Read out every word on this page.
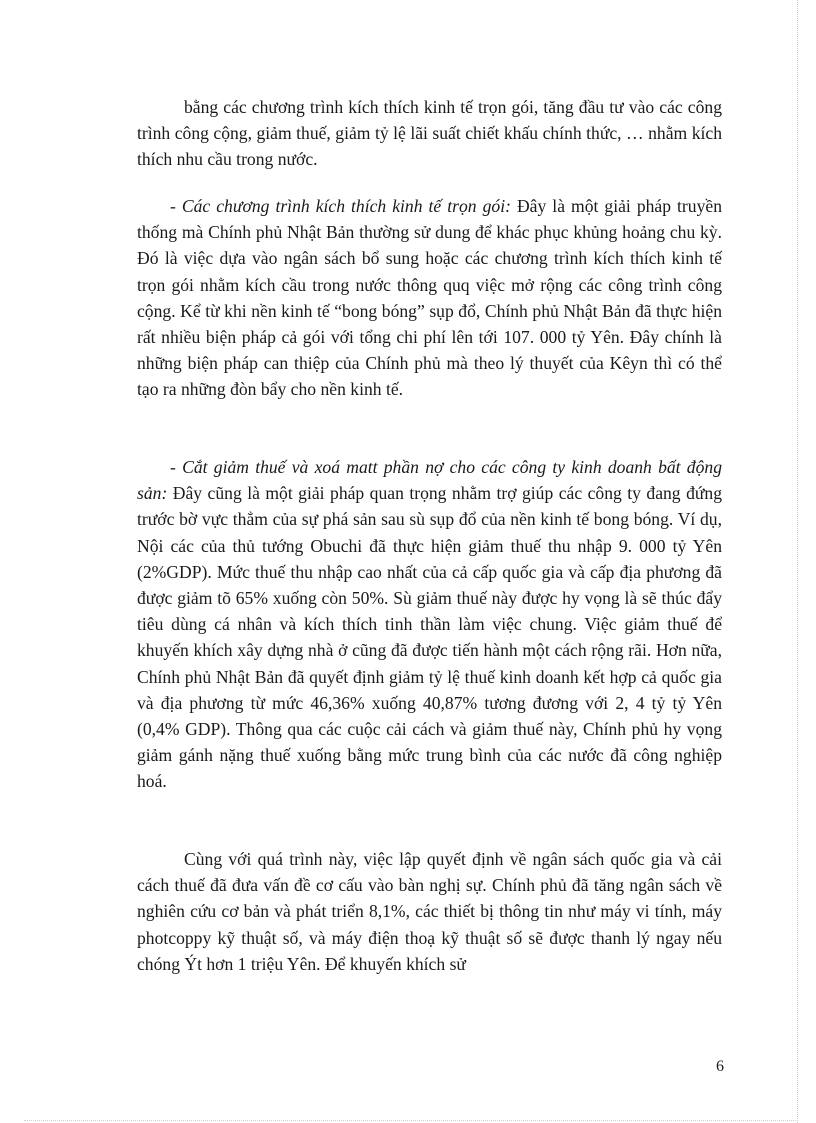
bằng các chương trình kích thích kinh tế trọn gói, tăng đầu tư vào các công trình công cộng, giảm thuế, giảm tỷ lệ lãi suất chiết khấu chính thức, … nhằm kích thích nhu cầu trong nước.

- Các chương trình kích thích kinh tế trọn gói: Đây là một giải pháp truyền thống mà Chính phủ Nhật Bản thường sử dung để khác phục khủng hoảng chu kỳ. Đó là việc dựa vào ngân sách bổ sung hoặc các chương trình kích thích kinh tế trọn gói nhằm kích cầu trong nước thông quq việc mở rộng các công trình công cộng. Kể từ khi nền kinh tế “bong bóng” sụp đổ, Chính phủ Nhật Bản đã thực hiện rất nhiều biện pháp cả gói với tổng chi phí lên tới 107. 000 tỷ Yên. Đây chính là những biện pháp can thiệp của Chính phủ mà theo lý thuyết của Kêyn thì có thể tạo ra những đòn bẩy cho nền kinh tế.

- Cắt giảm thuế và xoá matt phần nợ cho các công ty kinh doanh bất động sản: Đây cũng là một giải pháp quan trọng nhằm trợ giúp các công ty đang đứng trước bờ vực thẳm của sự phá sản sau sù sụp đổ của nền kinh tế bong bóng. Ví dụ, Nội các của thủ tướng Obuchi đã thực hiện giảm thuế thu nhập 9. 000 tỷ Yên (2%GDP). Mức thuế thu nhập cao nhất của cả cấp quốc gia và cấp địa phương đã được giảm tõ 65% xuống còn 50%. Sù giảm thuế này được hy vọng là sẽ thúc đẩy tiêu dùng cá nhân và kích thích tinh thần làm việc chung. Việc giảm thuế để khuyến khích xây dựng nhà ở cũng đã được tiến hành một cách rộng rãi. Hơn nữa, Chính phủ Nhật Bản đã quyết định giảm tỷ lệ thuế kinh doanh kết hợp cả quốc gia và địa phương từ mức 46,36% xuống 40,87% tương đương với 2, 4 tỷ tỷ Yên (0,4% GDP). Thông qua các cuộc cải cách và giảm thuế này, Chính phủ hy vọng giảm gánh nặng thuế xuống bằng mức trung bình của các nước đã công nghiệp hoá.

Cùng với quá trình này, việc lập quyết định về ngân sách quốc gia và cải cách thuế đã đưa vấn đề cơ cấu vào bàn nghị sự. Chính phủ đã tăng ngân sách về nghiên cứu cơ bản và phát triển 8,1%, các thiết bị thông tin như máy vi tính, máy photcoppy kỹ thuật số, và máy điện thoạ kỹ thuật số sẽ được thanh lý ngay nếu chóng Ýt hơn 1 triệu Yên. Để khuyến khích sử

6
